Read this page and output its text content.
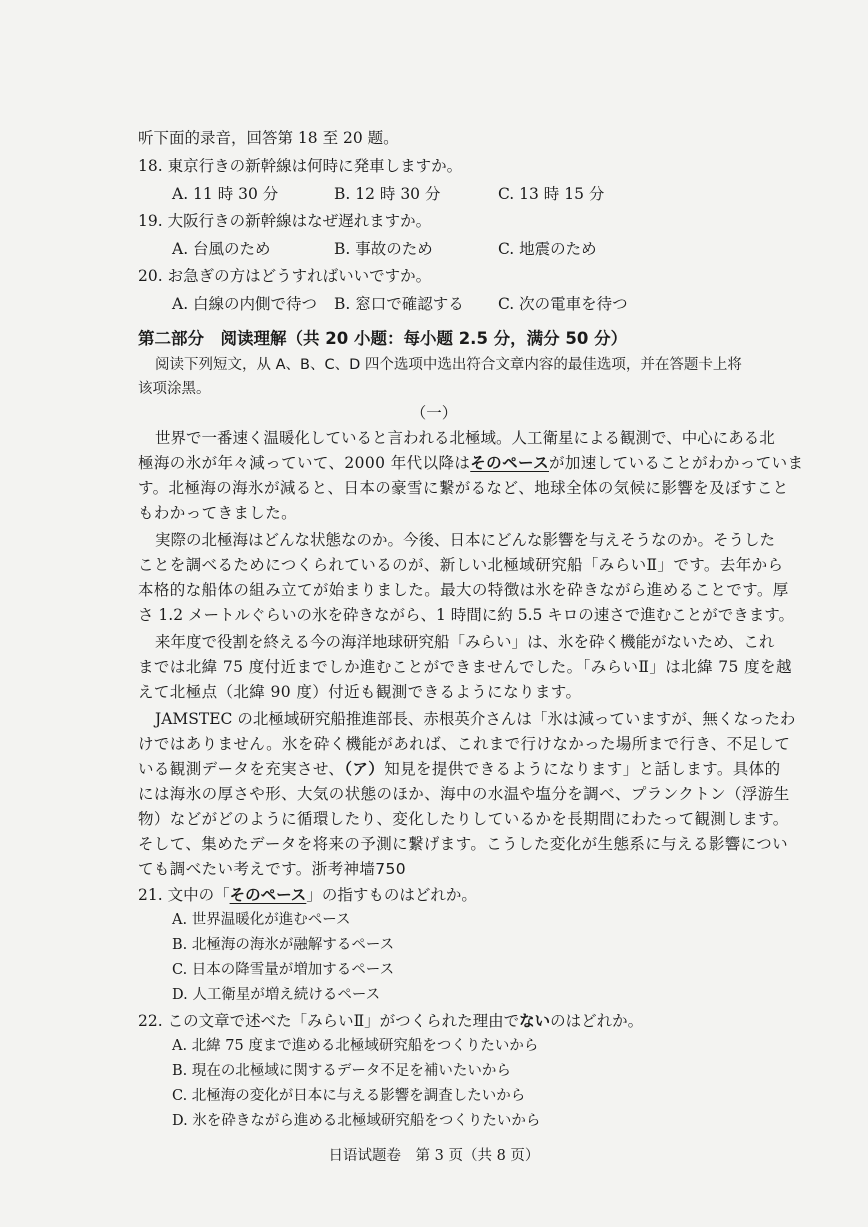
听下面的录音，回答第 18 至 20 题。
18. 東京行きの新幹線は何時に発車しますか。
A. 11 時 30 分	B. 12 時 30 分	C. 13 時 15 分
19. 大阪行きの新幹線はなぜ遅れますか。
A. 台風のため	B. 事故のため	C. 地震のため
20. お急ぎの方はどうすればいいですか。
A. 白線の内側で待つ B. 窓口で確認する C. 次の電車を待つ
第二部分　阅读理解（共 20 小题：每小题 2.5 分，满分 50 分）
阅读下列短文，从 A、B、C、D 四个选项中选出符合文章内容的最佳选项，并在答题卡上将
该项涂黑。
（一）
世界で一番速く温暖化していると言われる北極域。人工衛星による観測で、中心にある北
極海の氷が年々減っていて、2000 年代以降はそのペースが加速していることがわかっていま
す。北極海の海氷が減ると、日本の豪雪に繋がるなど、地球全体の気候に影響を及ぼすこと
もわかってきました。
実際の北極海はどんな状態なのか。今後、日本にどんな影響を与えそうなのか。そうした
ことを調べるためにつくられているのが、新しい北極域研究船「みらいⅡ」です。去年から
本格的な船体の組み立てが始まりました。最大の特徴は氷を砕きながら進めることです。厚
さ 1.2 メートルぐらいの氷を砕きながら、1 時間に約 5.5 キロの速さで進むことができます。
来年度で役割を終える今の海洋地球研究船「みらい」は、氷を砕く機能がないため、これ
までは北緯 75 度付近までしか進むことができませんでした。「みらいⅡ」は北緯 75 度を越
えて北極点（北緯 90 度）付近も観測できるようになります。
JAMSTEC の北極域研究船推進部長、赤根英介さんは「氷は減っていますが、無くなったわ
けではありません。氷を砕く機能があれば、これまで行けなかった場所まで行き、不足して
いる観測データを充実させ、（ア）知見を提供できるようになります」と話します。具体的
には海氷の厚さや形、大気の状態のほか、海中の水温や塩分を調べ、プランクトン（浮游生
物）などがどのように循環したり、変化したりしているかを長期間にわたって観測します。
そして、集めたデータを将来の予測に繋げます。こうした変化が生態系に与える影響につい
ても調べたい考えです。浙考神墙750
21. 文中の「そのペース」の指すものはどれか。
A. 世界温暖化が進むペース
B. 北極海の海氷が融解するペース
C. 日本の降雪量が増加するペース
D. 人工衛星が増え続けるペース
22. この文章で述べた「みらいⅡ」がつくられた理由でないのはどれか。
A. 北緯 75 度まで進める北極域研究船をつくりたいから
B. 現在の北極域に関するデータ不足を補いたいから
C. 北極海の変化が日本に与える影響を調査したいから
D. 氷を砕きながら進める北極域研究船をつくりたいから
日语试题卷　第 3 页（共 8 页）
